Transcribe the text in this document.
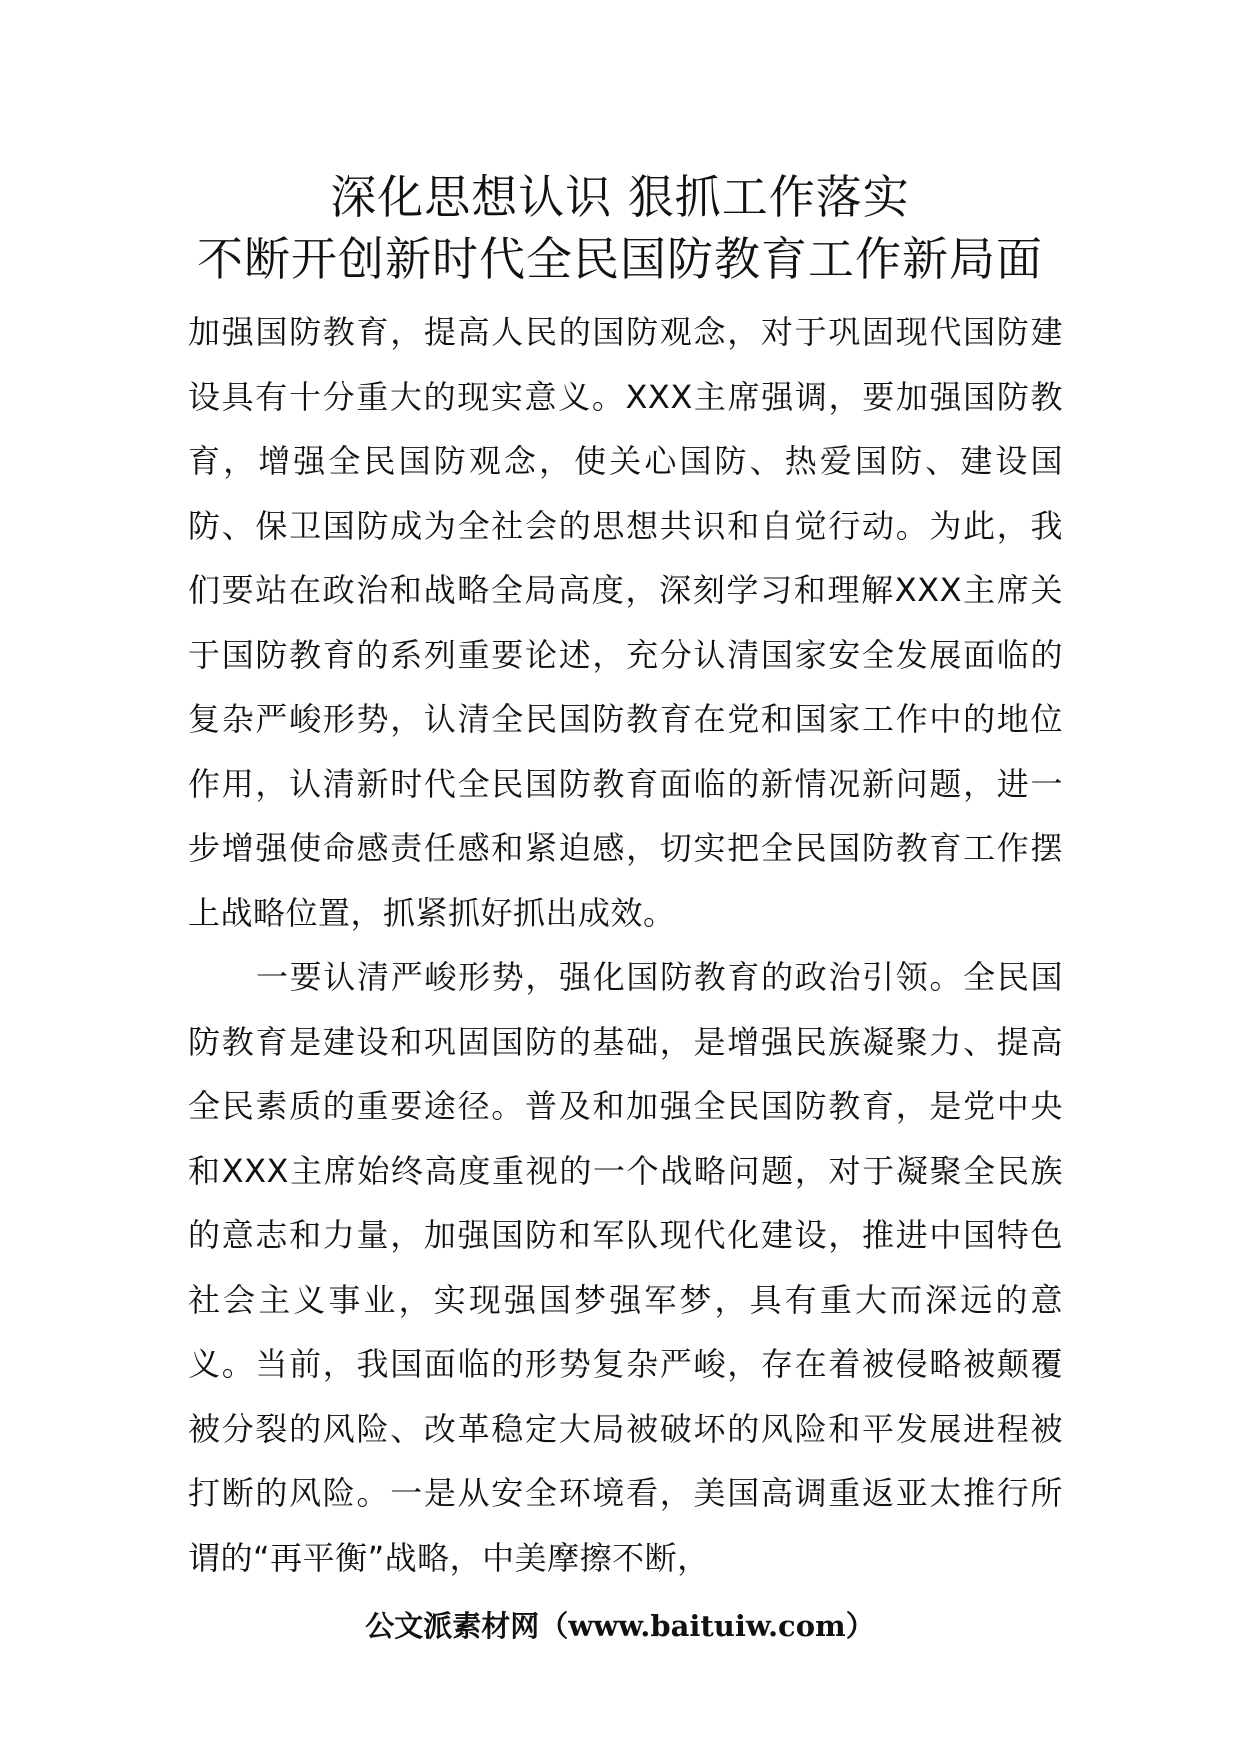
深化思想认识 狠抓工作落实

不断开创新时代全民国防教育工作新局面

加强国防教育，提高人民的国防观念，对于巩固现代国防建设具有十分重大的现实意义。XXX主席强调，要加强国防教育，增强全民国防观念，使关心国防、热爱国防、建设国防、保卫国防成为全社会的思想共识和自觉行动。为此，我们要站在政治和战略全局高度，深刻学习和理解XXX主席关于国防教育的系列重要论述，充分认清国家安全发展面临的复杂严峻形势，认清全民国防教育在党和国家工作中的地位作用，认清新时代全民国防教育面临的新情况新问题，进一步增强使命感责任感和紧迫感，切实把全民国防教育工作摆上战略位置，抓紧抓好抓出成效。

一要认清严峻形势，强化国防教育的政治引领。全民国防教育是建设和巩固国防的基础，是增强民族凝聚力、提高全民素质的重要途径。普及和加强全民国防教育，是党中央和XXX主席始终高度重视的一个战略问题，对于凝聚全民族的意志和力量，加强国防和军队现代化建设，推进中国特色社会主义事业，实现强国梦强军梦，具有重大而深远的意义。当前，我国面临的形势复杂严峻，存在着被侵略被颠覆被分裂的风险、改革稳定大局被破坏的风险和平发展进程被打断的风险。一是从安全环境看，美国高调重返亚太推行所谓的“再平衡”战略，中美摩擦不断，

公文派素材网（www.baituiw.com）
